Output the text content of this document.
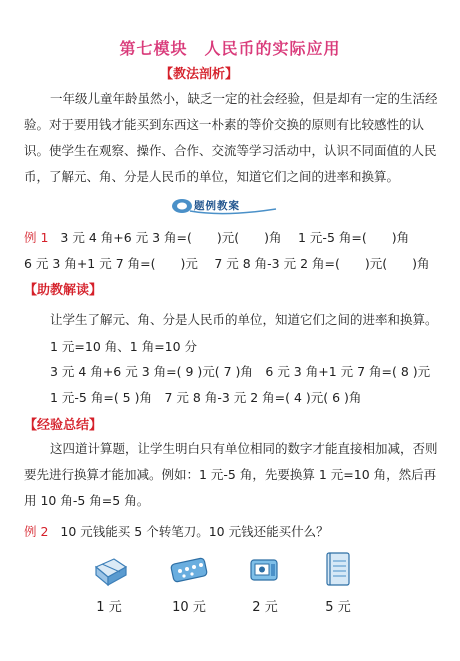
第七模块　人民币的实际应用
【教法剖析】
一年级儿童年龄虽然小，缺乏一定的社会经验，但是却有一定的生活经验。对于要用钱才能买到东西这一朴素的等价交换的原则有比较感性的认识。使学生在观察、操作、合作、交流等学习活动中，认识不同面值的人民币，了解元、角、分是人民币的单位，知道它们之间的进率和换算。
题例教案
例 1 3 元 4 角+6 元 3 角=(　　)元(　　)角　 1 元-5 角=(　　)角
6 元 3 角+1 元 7 角=(　　)元　 7 元 8 角-3 元 2 角=(　　)元(　　)角
【助教解读】
让学生了解元、角、分是人民币的单位，知道它们之间的进率和换算。
1 元=10 角、1 角=10 分
3 元 4 角+6 元 3 角=( 9 )元( 7 )角　6 元 3 角+1 元 7 角=( 8 )元
1 元-5 角=( 5 )角　7 元 8 角-3 元 2 角=( 4 )元( 6 )角
【经验总结】
这四道计算题，让学生明白只有单位相同的数字才能直接相加减，否则要先进行换算才能加减。例如：1 元-5 角，先要换算 1 元=10 角，然后再用 10 角-5 角=5 角。
例 2 10 元钱能买 5 个转笔刀。10 元钱还能买什么？
1 元	10 元	2 元	5 元
